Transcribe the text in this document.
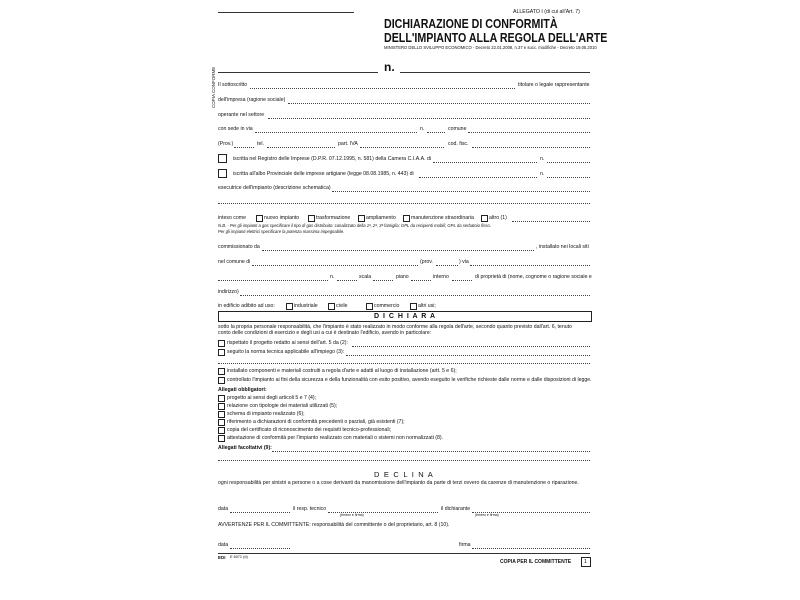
ALLEGATO I (di cui all'Art. 7)
DICHIARAZIONE DI CONFORMITÀ
DELL'IMPIANTO ALLA REGOLA DELL'ARTE
MINISTERO DELLO SVILUPPO ECONOMICO - Decreto 22.01.2008, n.37 e succ. modifiche - Decreto 19.05.2010
n.
COPIA CONFORME Il sottoscritto	titolare o legale rappresentante
dell'impresa (ragione sociale)
operante nel settore
con sede in via	n.	comune
(Prov.)	tel.	part. IVA	cod. fisc.
iscritta nel Registro delle Imprese (D.P.R. 07.12.1995, n. 581) della Camera C.I.A.A. di	n.
iscritta all'albo Provinciale delle imprese artigiane (legge 08.08.1985, n. 443) di	n.
esecutrice dell'impianto (descrizione schematica)
inteso come	nuovo impianto	trasformazione	ampliamento	manutenzione straordinaria	altro (1)
N.B. - Per gli impianti a gas specificare il tipo di gas distribuito: canalizzato della 1ª, 2ª, 3ª famiglia; GPL da recipienti mobili; GPL da serbatoio fisso.
Per gli impianti elettrici specificare la potenza massima impegnabile.
commissionato da	, installato nei locali siti
nel comune di	(prov.	) via
n.	scala	piano	interno	di proprietà di (nome, cognome o ragione sociale e
indirizzo)
in edificio adibito ad uso:	industriale	civile	commercio	altri usi;
D I C H I A R A
sotto la propria personale responsabilità, che l'impianto è stato realizzato in modo conforme alla regola dell'arte, secondo quanto previsto dall'art. 6, tenuto
conto delle condizioni di esercizio e degli usi a cui è destinato l'edificio, avendo in particolare:
rispettato il progetto redatto ai sensi dell'art. 5 da (2):
seguito la norma tecnica applicabile all'impiego (3):
installato componenti e materiali costruiti a regola d'arte e adatti al luogo di installazione (artt. 5 e 6);
controllato l'impianto ai fini della sicurezza e della funzionalità con esito positivo, avendo eseguito le verifiche richieste dalle norme e dalle disposizioni di legge.
Allegati obbligatori:
progetto ai sensi degli articoli 5 e 7 (4);
relazione con tipologie dei materiali utilizzati (5);
schema di impianto realizzato (6);
riferimento a dichiarazioni di conformità precedenti o parziali, già esistenti (7);
copia del certificato di riconoscimento dei requisiti tecnico-professionali;
attestazione di conformità per l'impianto realizzato con materiali o sistemi non normalizzati (8).
Allegati facoltativi (9):
D E C L I N A
ogni responsabilità per sinistri a persone o a cose derivanti da manomissione dell'impianto da parte di terzi ovvero da carenze di manutenzione o riparazione.
data	il resp. tecnico
(timbro e firma)
il dichiarante
(timbro e firma)
AVVERTENZE PER IL COMMITTENTE: responsabilità del committente o del proprietario, art. 8 (10).
data	firma
EDI E 6071 (d)
COPIA PER IL COMMITTENTE 1
